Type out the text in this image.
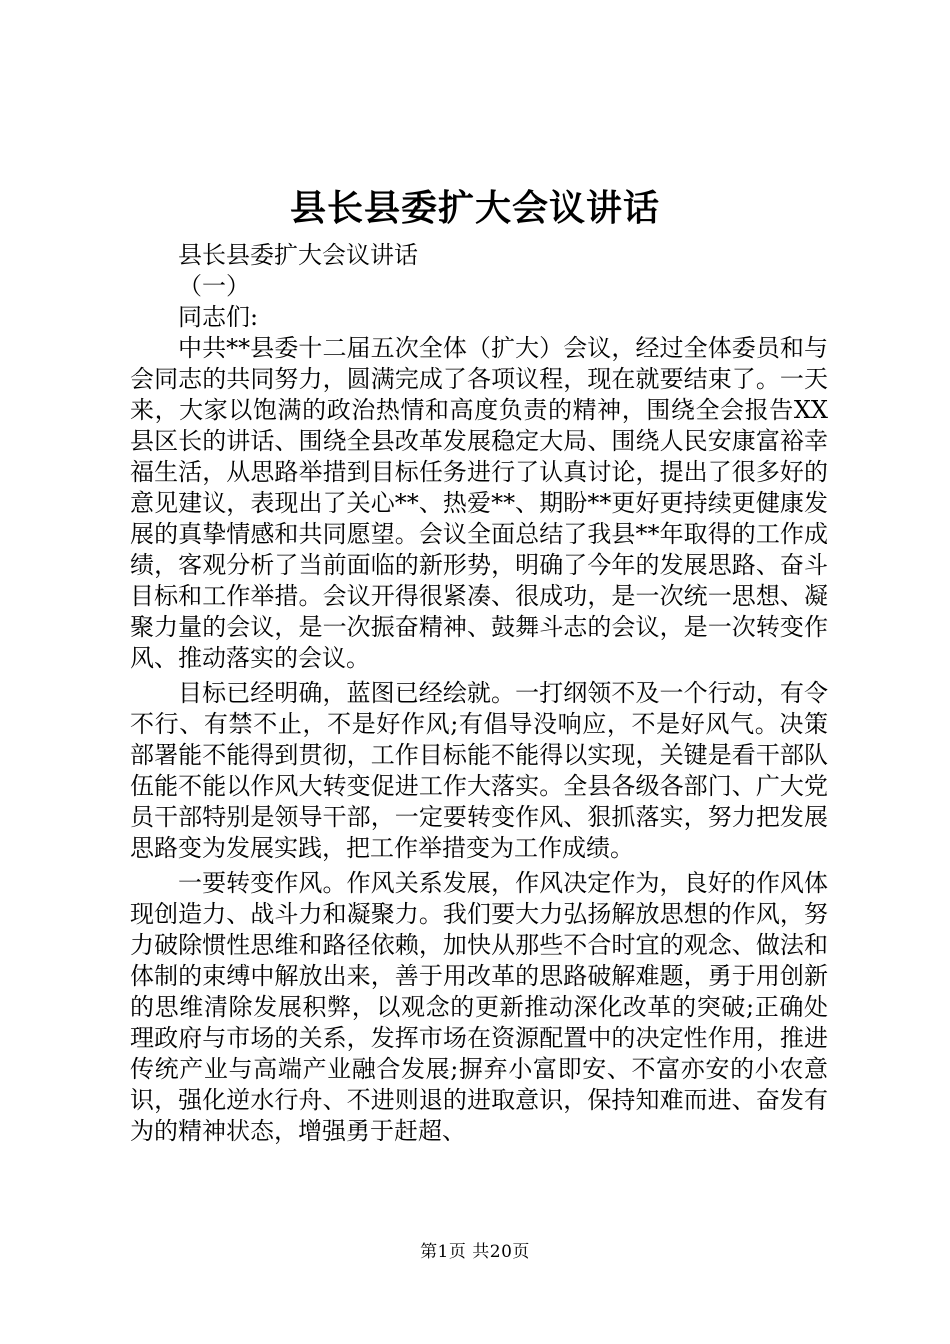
县长县委扩大会议讲话

县长县委扩大会议讲话

（一）

同志们:

中共**县委十二届五次全体（扩大）会议，经过全体委员和与会同志的共同努力，圆满完成了各项议程，现在就要结束了。一天来，大家以饱满的政治热情和高度负责的精神，围绕全会报告XX县区长的讲话、围绕全县改革发展稳定大局、围绕人民安康富裕幸福生活，从思路举措到目标任务进行了认真讨论，提出了很多好的意见建议，表现出了关心**、热爱**、期盼**更好更持续更健康发展的真挚情感和共同愿望。会议全面总结了我县**年取得的工作成绩，客观分析了当前面临的新形势，明确了今年的发展思路、奋斗目标和工作举措。会议开得很紧凑、很成功，是一次统一思想、凝聚力量的会议，是一次振奋精神、鼓舞斗志的会议，是一次转变作风、推动落实的会议。

目标已经明确，蓝图已经绘就。一打纲领不及一个行动，有令不行、有禁不止，不是好作风;有倡导没响应，不是好风气。决策部署能不能得到贯彻，工作目标能不能得以实现，关键是看干部队伍能不能以作风大转变促进工作大落实。全县各级各部门、广大党员干部特别是领导干部，一定要转变作风、狠抓落实，努力把发展思路变为发展实践，把工作举措变为工作成绩。

一要转变作风。作风关系发展，作风决定作为，良好的作风体现创造力、战斗力和凝聚力。我们要大力弘扬解放思想的作风，努力破除惯性思维和路径依赖，加快从那些不合时宜的观念、做法和体制的束缚中解放出来，善于用改革的思路破解难题，勇于用创新的思维清除发展积弊，以观念的更新推动深化改革的突破;正确处理政府与市场的关系，发挥市场在资源配置中的决定性作用，推进传统产业与高端产业融合发展;摒弃小富即安、不富亦安的小农意识，强化逆水行舟、不进则退的进取意识，保持知难而进、奋发有为的精神状态，增强勇于赶超、

第1页 共20页
